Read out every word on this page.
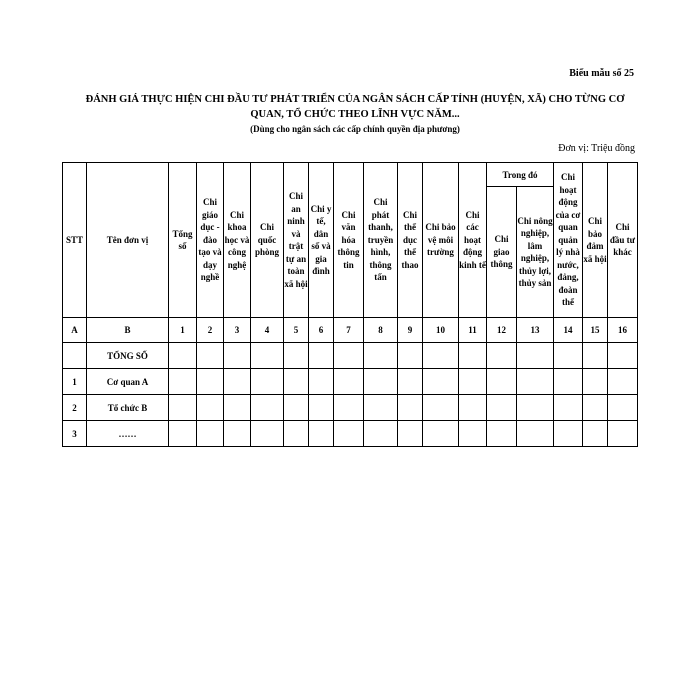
Biểu mẫu số 25
ĐÁNH GIÁ THỰC HIỆN CHI ĐẦU TƯ PHÁT TRIỂN CỦA NGÂN SÁCH CẤP TỈNH (HUYỆN, XÃ) CHO TỪNG CƠ QUAN, TỔ CHỨC THEO LĨNH VỰC NĂM...
(Dùng cho ngân sách các cấp chính quyền địa phương)
Đơn vị: Triệu đồng
STT	Tên đơn vị	Tổng số	Chi giáo dục - đào tạo và dạy nghề	Chi khoa học và công nghệ	Chi quốc phòng	Chi an ninh và trật tự an toàn xã hội	Chi y tế, dân số và gia đình	Chi văn hóa thông tin	Chi phát thanh, truyền hình, thông tấn	Chi thể dục thể thao	Chi bảo vệ môi trường	Chi các hoạt động kinh tế	Trong đó		Chi hoạt động của cơ quan quản lý nhà nước, đảng, đoàn thể	Chi bảo đảm xã hội	Chi đầu tư khác
													Chi giao thông	Chi nông nghiệp, lâm nghiệp, thủy lợi, thủy sản			
A	B	1	2	3	4	5	6	7	8	9	10	11	12	13	14	15	16
	TỔNG SỐ																
1	Cơ quan A																
2	Tổ chức B																
3	……																
